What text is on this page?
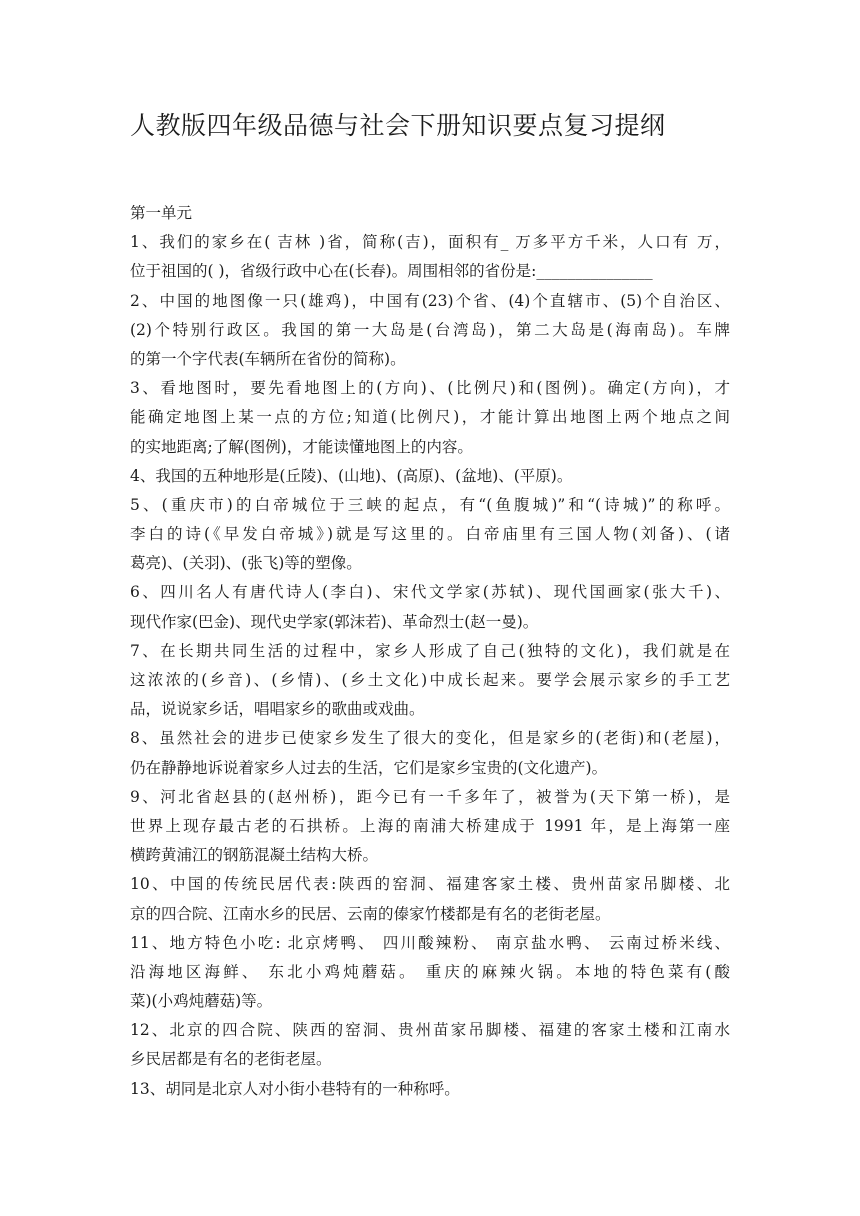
人教版四年级品德与社会下册知识要点复习提纲

第一单元

1、我们的家乡在( 吉林 )省，简称(吉)，面积有_ 万多平方千米，人口有 万，
位于祖国的( )，省级行政中心在(长春)。周围相邻的省份是:_______________

2、中国的地图像一只(雄鸡)，中国有(23)个省、(4)个直辖市、(5)个自治区、
(2)个特别行政区。我国的第一大岛是(台湾岛)，第二大岛是(海南岛)。车牌
的第一个字代表(车辆所在省份的简称)。

3、看地图时，要先看地图上的(方向)、(比例尺)和(图例)。确定(方向)，才
能确定地图上某一点的方位;知道(比例尺)，才能计算出地图上两个地点之间
的实地距离;了解(图例)，才能读懂地图上的内容。

4、我国的五种地形是(丘陵)、(山地)、(高原)、(盆地)、(平原)。

5、(重庆市)的白帝城位于三峡的起点，有“(鱼腹城)”和“(诗城)”的称呼。
李白的诗(《早发白帝城》)就是写这里的。白帝庙里有三国人物(刘备)、(诸
葛亮)、(关羽)、(张飞)等的塑像。

6、四川名人有唐代诗人(李白)、宋代文学家(苏轼)、现代国画家(张大千)、
现代作家(巴金)、现代史学家(郭沫若)、革命烈士(赵一曼)。

7、在长期共同生活的过程中，家乡人形成了自己(独特的文化)，我们就是在
这浓浓的(乡音)、(乡情)、(乡土文化)中成长起来。要学会展示家乡的手工艺
品，说说家乡话，唱唱家乡的歌曲或戏曲。

8、虽然社会的进步已使家乡发生了很大的变化，但是家乡的(老街)和(老屋)，
仍在静静地诉说着家乡人过去的生活，它们是家乡宝贵的(文化遗产)。

9、河北省赵县的(赵州桥)，距今已有一千多年了，被誉为(天下第一桥)，是
世界上现存最古老的石拱桥。上海的南浦大桥建成于 1991 年，是上海第一座
横跨黄浦江的钢筋混凝土结构大桥。

10、中国的传统民居代表:陕西的窑洞、福建客家土楼、贵州苗家吊脚楼、北
京的四合院、江南水乡的民居、云南的傣家竹楼都是有名的老街老屋。

11、地方特色小吃: 北京烤鸭、 四川酸辣粉、 南京盐水鸭、 云南过桥米线、
沿海地区海鲜、 东北小鸡炖蘑菇。 重庆的麻辣火锅。本地的特色菜有(酸
菜)(小鸡炖蘑菇)等。

12、北京的四合院、陕西的窑洞、贵州苗家吊脚楼、福建的客家土楼和江南水
乡民居都是有名的老街老屋。

13、胡同是北京人对小街小巷特有的一种称呼。
